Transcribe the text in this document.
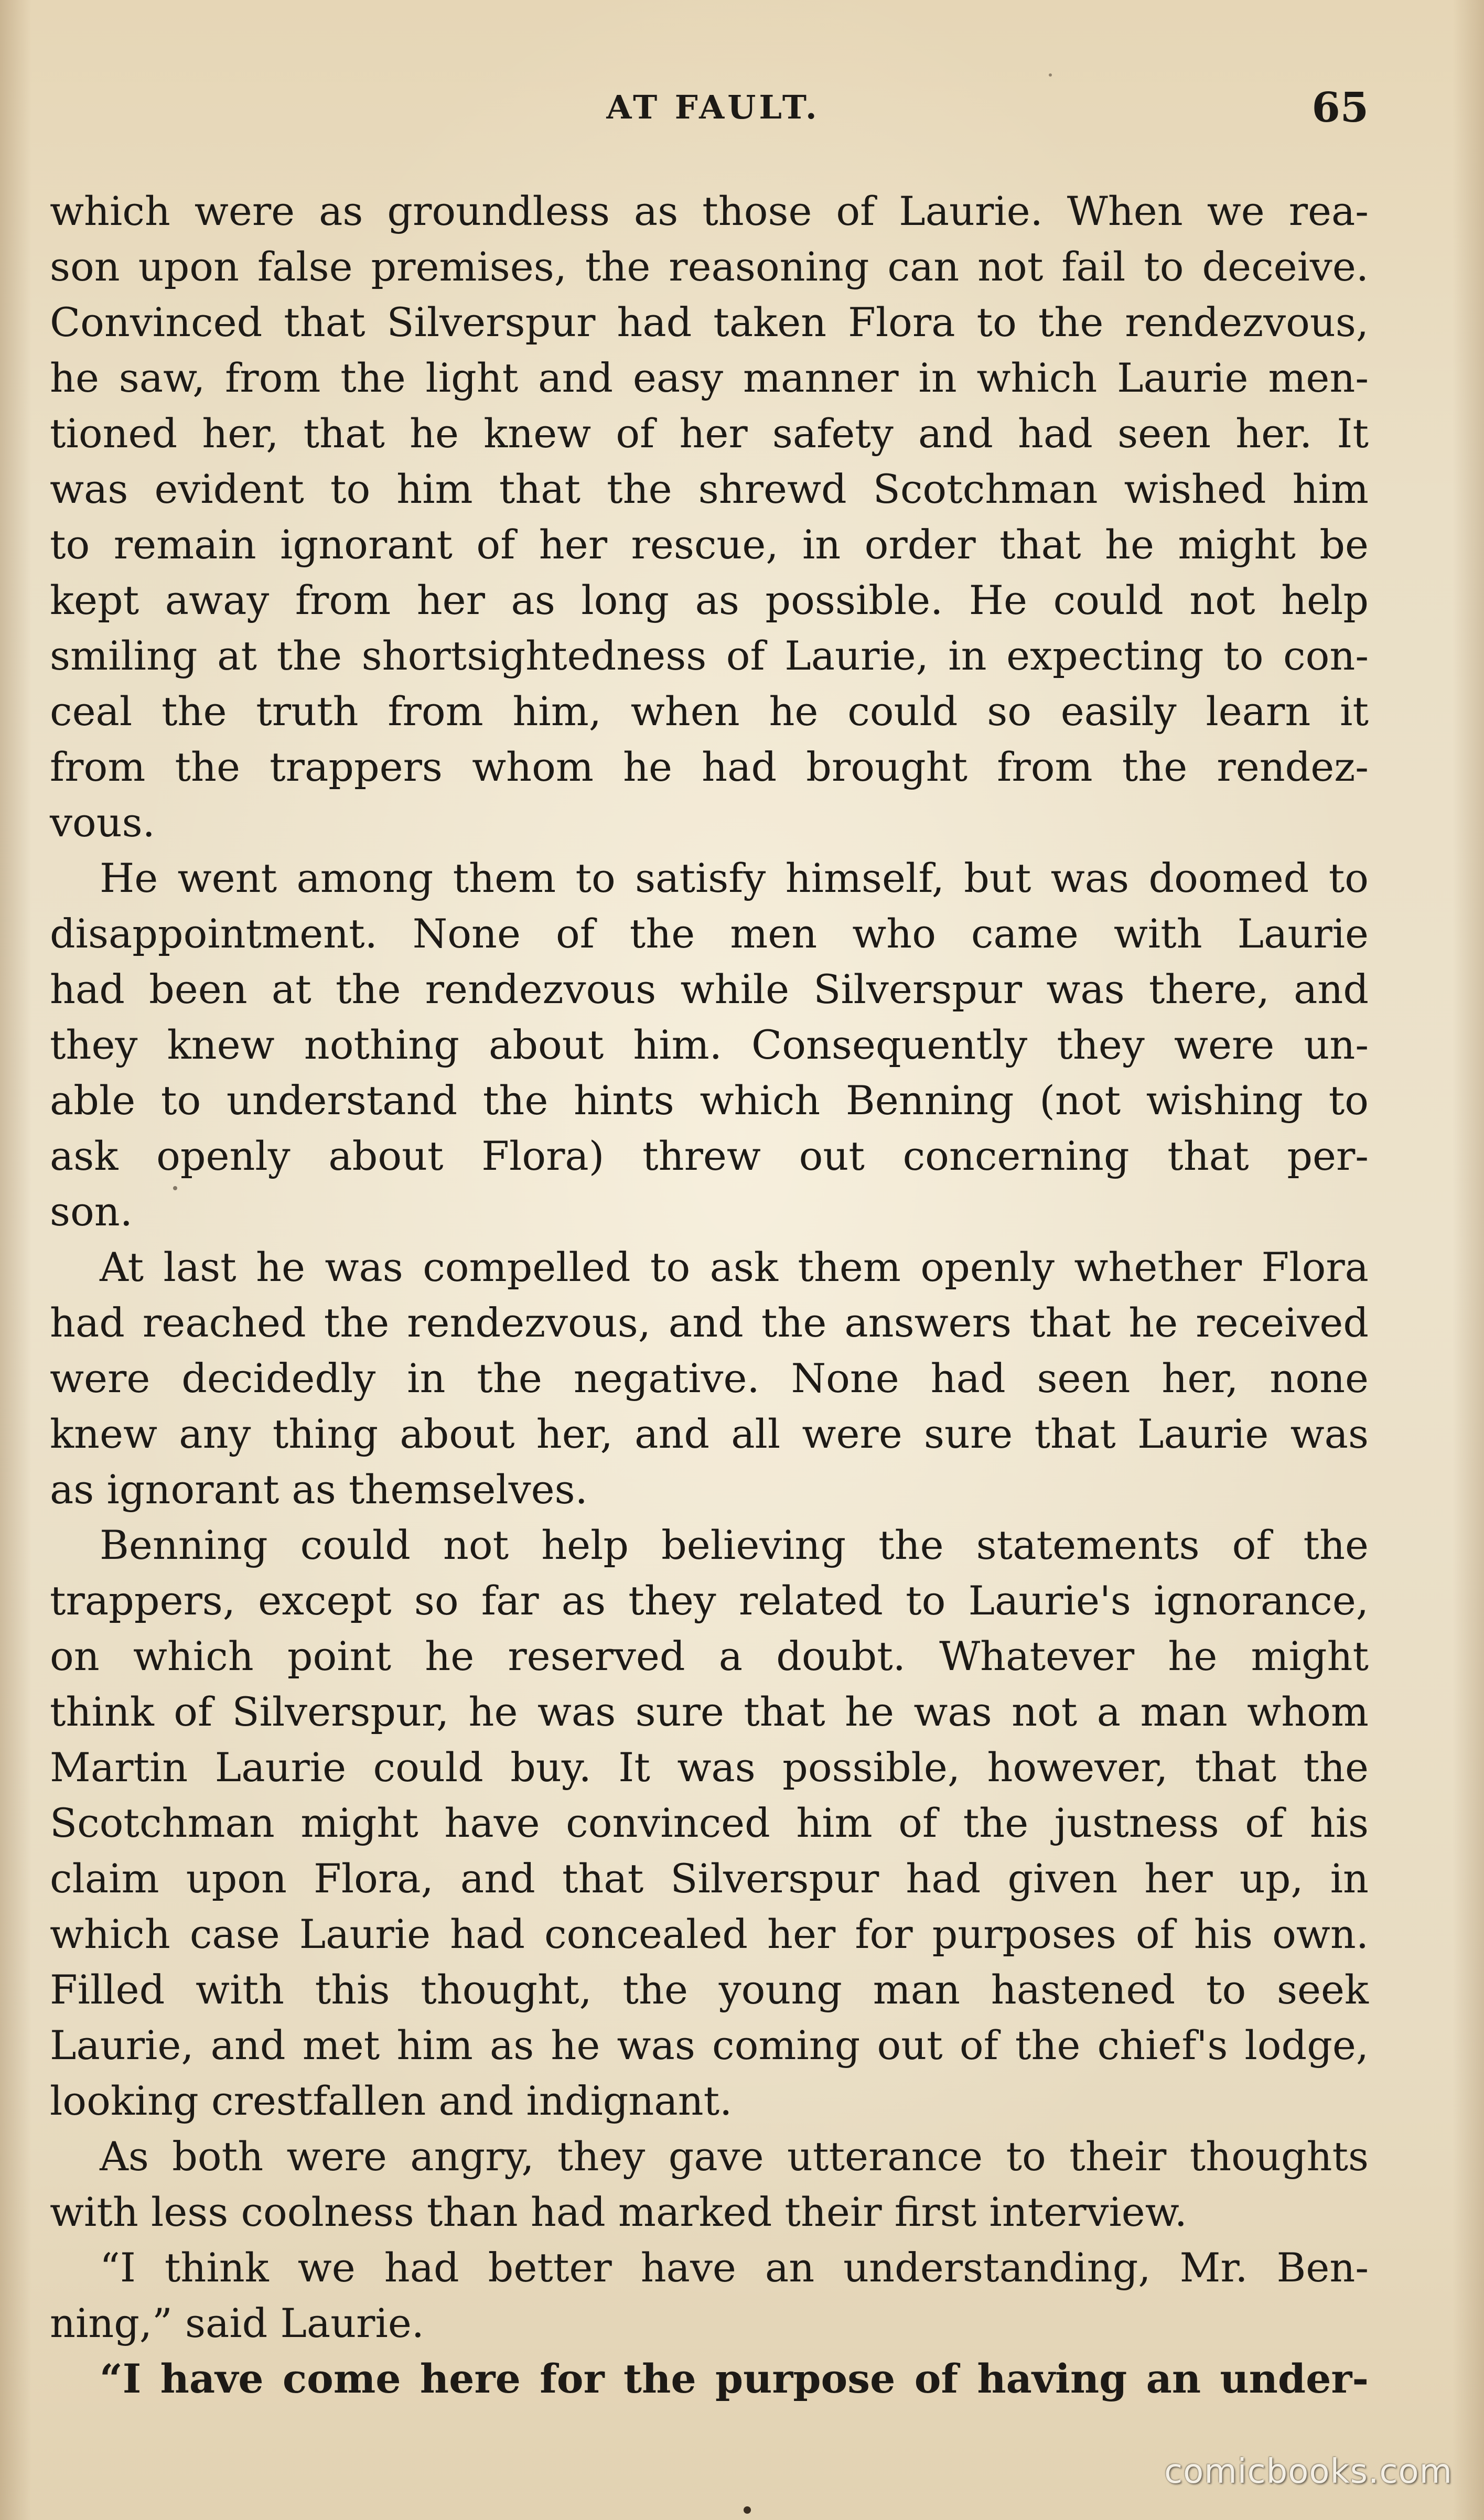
AT FAULT.	65
which were as groundless as those of Laurie. When we rea-
son upon false premises, the reasoning can not fail to deceive.
Convinced that Silverspur had taken Flora to the rendezvous,
he saw, from the light and easy manner in which Laurie men-
tioned her, that he knew of her safety and had seen her. It
was evident to him that the shrewd Scotchman wished him
to remain ignorant of her rescue, in order that he might be
kept away from her as long as possible. He could not help
smiling at the shortsightedness of Laurie, in expecting to con-
ceal the truth from him, when he could so easily learn it
from the trappers whom he had brought from the rendez-
vous.
He went among them to satisfy himself, but was doomed to
disappointment. None of the men who came with Laurie
had been at the rendezvous while Silverspur was there, and
they knew nothing about him. Consequently they were un-
able to understand the hints which Benning (not wishing to
ask openly about Flora) threw out concerning that per-
son.
At last he was compelled to ask them openly whether Flora
had reached the rendezvous, and the answers that he received
were decidedly in the negative. None had seen her, none
knew any thing about her, and all were sure that Laurie was
as ignorant as themselves.
Benning could not help believing the statements of the
trappers, except so far as they related to Laurie's ignorance,
on which point he reserved a doubt. Whatever he might
think of Silverspur, he was sure that he was not a man whom
Martin Laurie could buy. It was possible, however, that the
Scotchman might have convinced him of the justness of his
claim upon Flora, and that Silverspur had given her up, in
which case Laurie had concealed her for purposes of his own.
Filled with this thought, the young man hastened to seek
Laurie, and met him as he was coming out of the chief's lodge,
looking crestfallen and indignant.
As both were angry, they gave utterance to their thoughts
with less coolness than had marked their first interview.
“I think we had better have an understanding, Mr. Ben-
ning,” said Laurie.
“I have come here for the purpose of having an under-
comicbooks.com
